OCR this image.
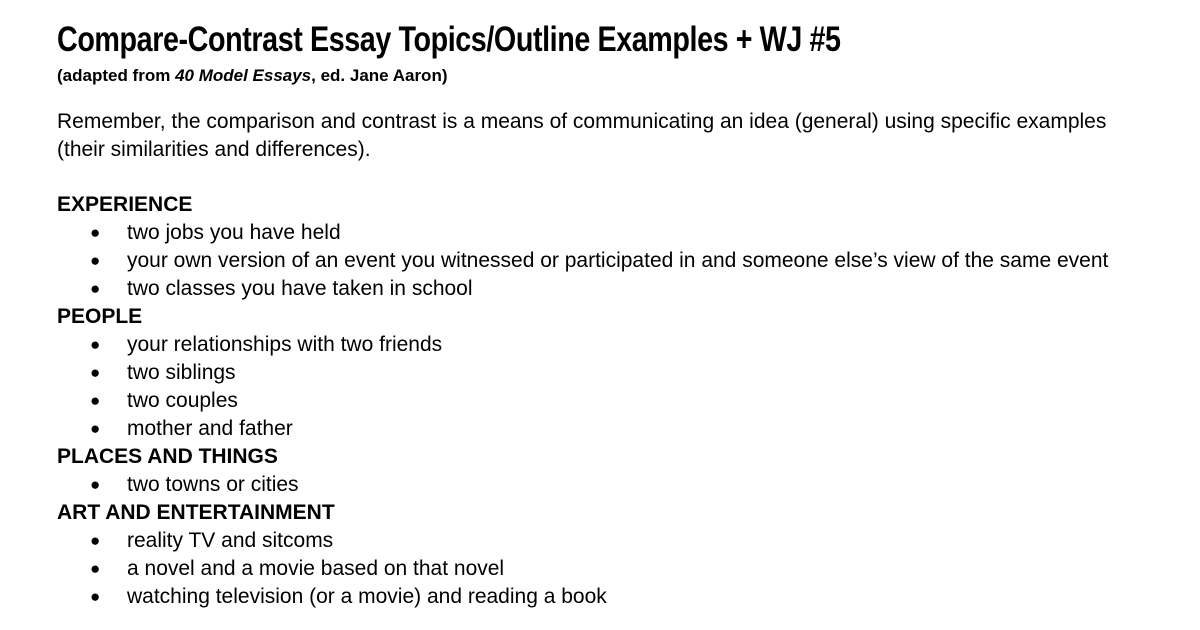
Compare-Contrast Essay Topics/Outline Examples + WJ #5

(adapted from 40 Model Essays, ed. Jane Aaron)

Remember, the comparison and contrast is a means of communicating an idea (general) using specific examples (their similarities and differences).

EXPERIENCE
● two jobs you have held
● your own version of an event you witnessed or participated in and someone else’s view of the same event
● two classes you have taken in school
PEOPLE
● your relationships with two friends
● two siblings
● two couples
● mother and father
PLACES AND THINGS
● two towns or cities
ART AND ENTERTAINMENT
● reality TV and sitcoms
● a novel and a movie based on that novel
● watching television (or a movie) and reading a book
